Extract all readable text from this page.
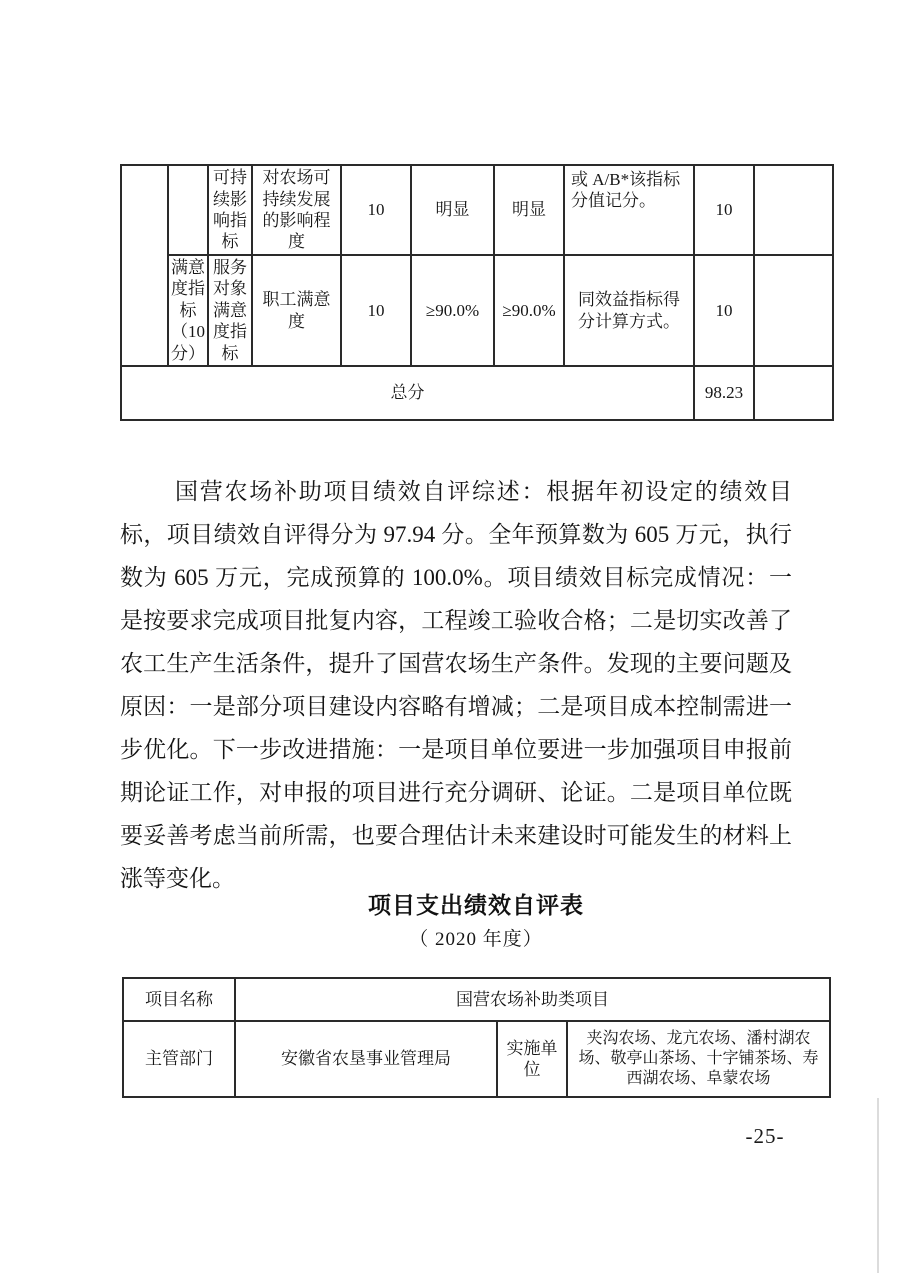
		可持续影响指标	对农场可持续发展的影响程度	10	明显	明显	或 A/B*该指标分值记分。	10	
	满意度指标（10分）	服务对象满意度指标	职工满意度	10	≥90.0%	≥90.0%	同效益指标得分计算方式。	10	
总分								98.23	
国营农场补助项目绩效自评综述：根据年初设定的绩效目标，项目绩效自评得分为 97.94 分。全年预算数为 605 万元，执行数为 605 万元，完成预算的 100.0%。项目绩效目标完成情况：一是按要求完成项目批复内容，工程竣工验收合格；二是切实改善了农工生产生活条件，提升了国营农场生产条件。发现的主要问题及原因：一是部分项目建设内容略有增减；二是项目成本控制需进一步优化。下一步改进措施：一是项目单位要进一步加强项目申报前期论证工作，对申报的项目进行充分调研、论证。二是项目单位既要妥善考虑当前所需，也要合理估计未来建设时可能发生的材料上涨等变化。
项目支出绩效自评表
（ 2020 年度）
项目名称	国营农场补助类项目		
主管部门	安徽省农垦事业管理局	实施单位	夹沟农场、龙亢农场、潘村湖农场、敬亭山茶场、十字铺茶场、寿西湖农场、阜蒙农场
-25-
